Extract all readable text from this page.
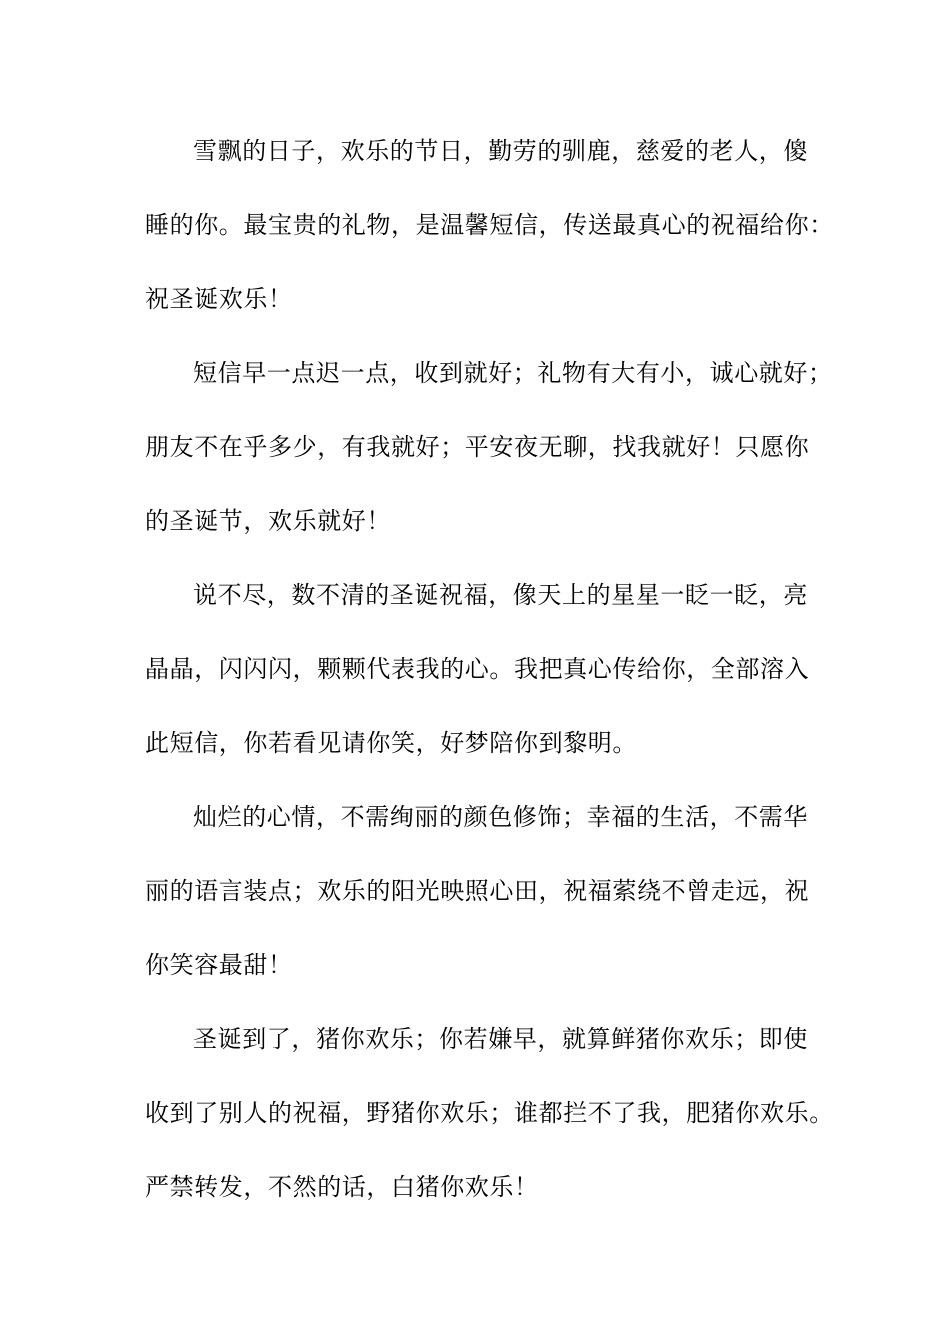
雪飘的日子，欢乐的节日，勤劳的驯鹿，慈爱的老人，傻
睡的你。最宝贵的礼物，是温馨短信，传送最真心的祝福给你：
祝圣诞欢乐！

短信早一点迟一点，收到就好；礼物有大有小，诚心就好；
朋友不在乎多少，有我就好；平安夜无聊，找我就好！只愿你
的圣诞节，欢乐就好！

说不尽，数不清的圣诞祝福，像天上的星星一眨一眨，亮
晶晶，闪闪闪，颗颗代表我的心。我把真心传给你，全部溶入
此短信，你若看见请你笑，好梦陪你到黎明。

灿烂的心情，不需绚丽的颜色修饰；幸福的生活，不需华
丽的语言装点；欢乐的阳光映照心田，祝福萦绕不曾走远，祝
你笑容最甜！

圣诞到了，猪你欢乐；你若嫌早，就算鲜猪你欢乐；即使
收到了别人的祝福，野猪你欢乐；谁都拦不了我，肥猪你欢乐。
严禁转发，不然的话，白猪你欢乐！
